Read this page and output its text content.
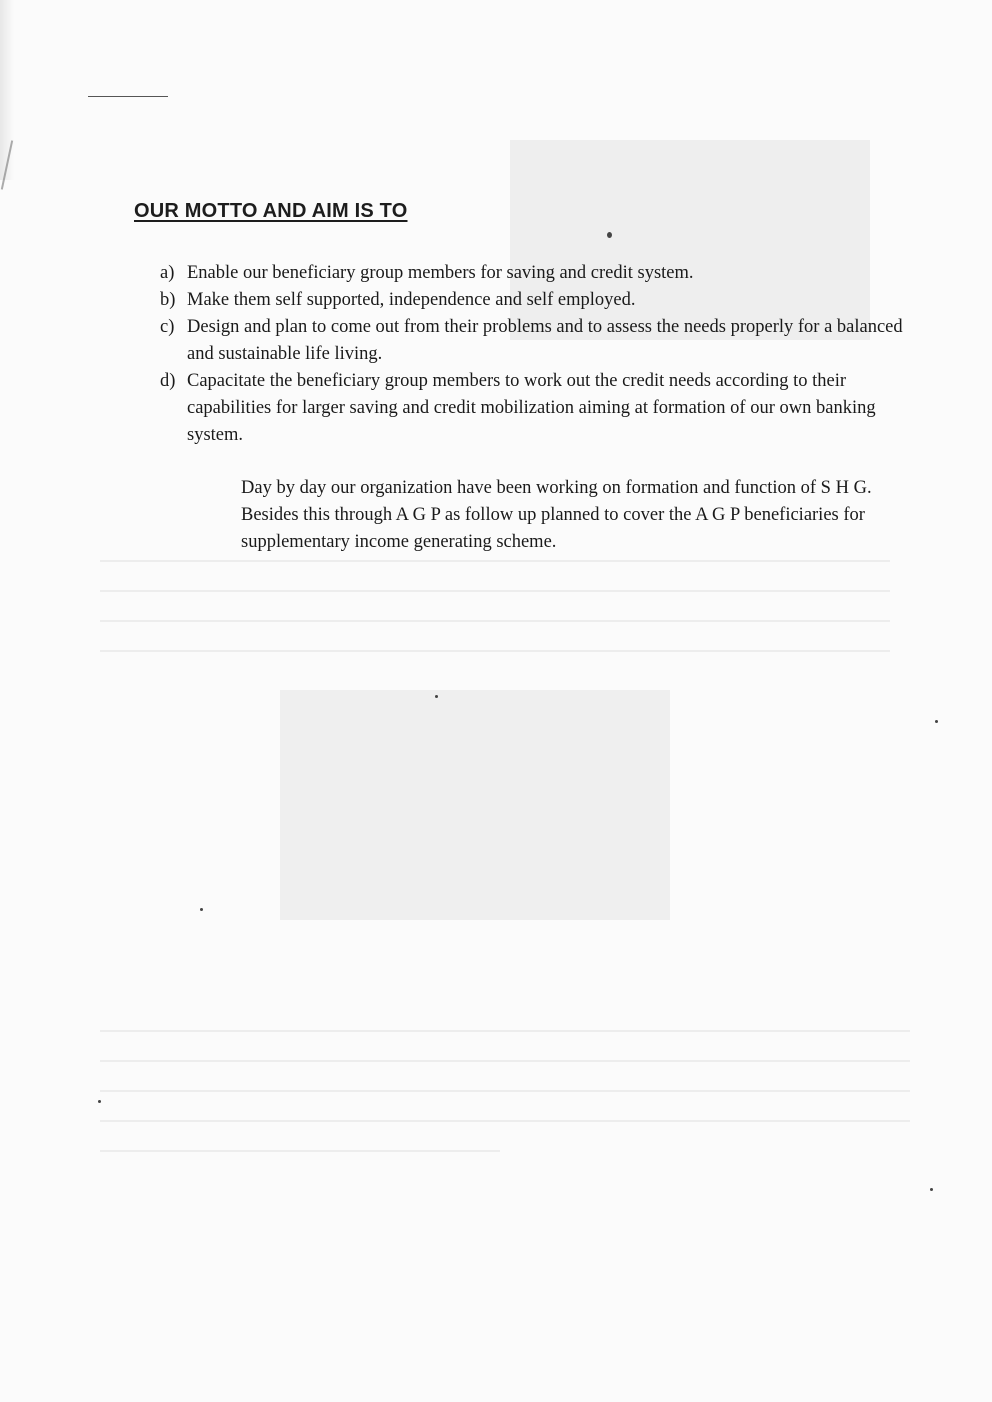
OUR MOTTO AND AIM IS TO
a) Enable our beneficiary group members for saving and credit system.
b) Make them self supported, independence and self employed.
c) Design and plan to come out from their problems and to assess the needs properly for a balanced and sustainable life living.
d) Capacitate the beneficiary group members to work out the credit needs according to their capabilities for larger saving and credit mobilization aiming at formation of our own banking system.

Day by day our organization have been working on formation and function of S H G. Besides this through A G P as follow up planned to cover the A G P beneficiaries for supplementary income generating scheme.
